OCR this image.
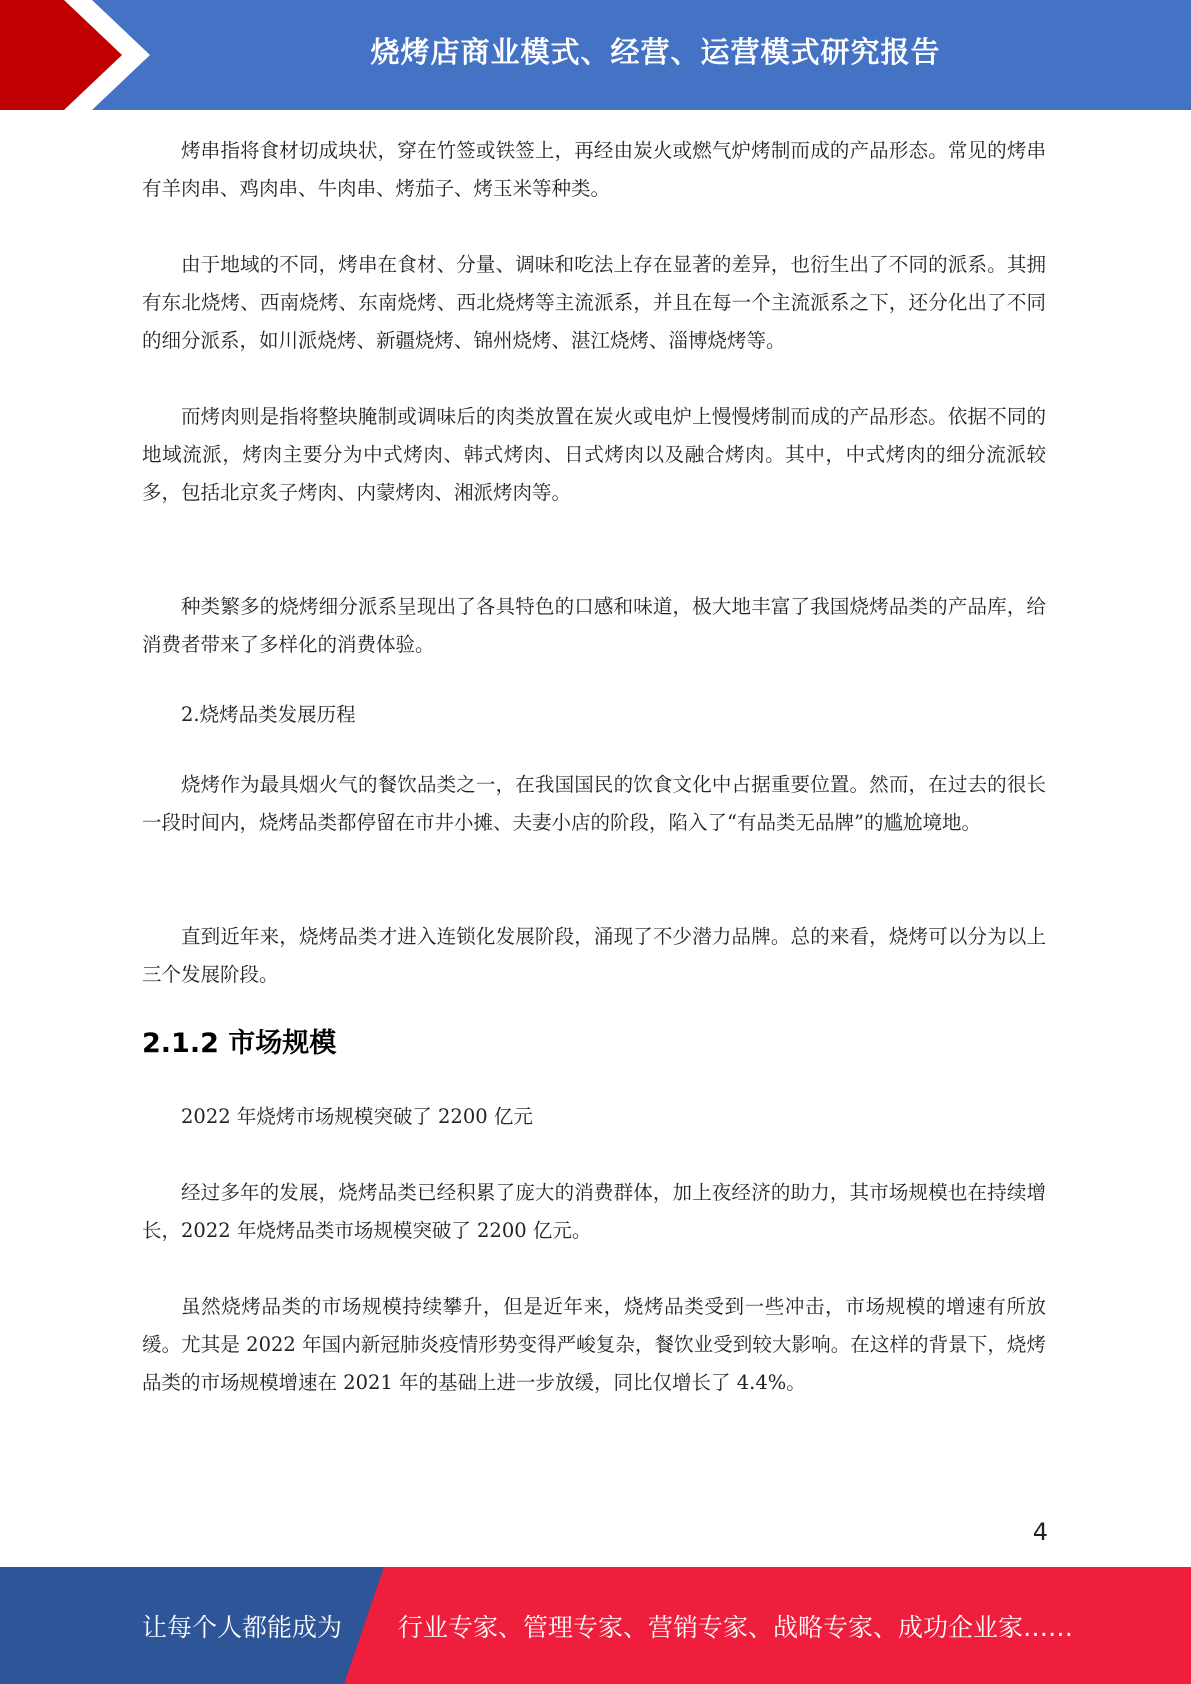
烧烤店商业模式、经营、运营模式研究报告

烤串指将食材切成块状，穿在竹签或铁签上，再经由炭火或燃气炉烤制而成的产品形态。常见的烤串有羊肉串、鸡肉串、牛肉串、烤茄子、烤玉米等种类。

由于地域的不同，烤串在食材、分量、调味和吃法上存在显著的差异，也衍生出了不同的派系。其拥有东北烧烤、西南烧烤、东南烧烤、西北烧烤等主流派系，并且在每一个主流派系之下，还分化出了不同的细分派系，如川派烧烤、新疆烧烤、锦州烧烤、湛江烧烤、淄博烧烤等。

而烤肉则是指将整块腌制或调味后的肉类放置在炭火或电炉上慢慢烤制而成的产品形态。依据不同的地域流派，烤肉主要分为中式烤肉、韩式烤肉、日式烤肉以及融合烤肉。其中，中式烤肉的细分流派较多，包括北京炙子烤肉、内蒙烤肉、湘派烤肉等。

种类繁多的烧烤细分派系呈现出了各具特色的口感和味道，极大地丰富了我国烧烤品类的产品库，给消费者带来了多样化的消费体验。

2.烧烤品类发展历程

烧烤作为最具烟火气的餐饮品类之一，在我国国民的饮食文化中占据重要位置。然而，在过去的很长一段时间内，烧烤品类都停留在市井小摊、夫妻小店的阶段，陷入了“有品类无品牌”的尴尬境地。

直到近年来，烧烤品类才进入连锁化发展阶段，涌现了不少潜力品牌。总的来看，烧烤可以分为以上三个发展阶段。

2.1.2 市场规模

2022 年烧烤市场规模突破了 2200 亿元

经过多年的发展，烧烤品类已经积累了庞大的消费群体，加上夜经济的助力，其市场规模也在持续增长，2022 年烧烤品类市场规模突破了 2200 亿元。

虽然烧烤品类的市场规模持续攀升，但是近年来，烧烤品类受到一些冲击，市场规模的增速有所放缓。尤其是 2022 年国内新冠肺炎疫情形势变得严峻复杂，餐饮业受到较大影响。在这样的背景下，烧烤品类的市场规模增速在 2021 年的基础上进一步放缓，同比仅增长了 4.4%。

4
让每个人都能成为 行业专家、管理专家、营销专家、战略专家、成功企业家……
